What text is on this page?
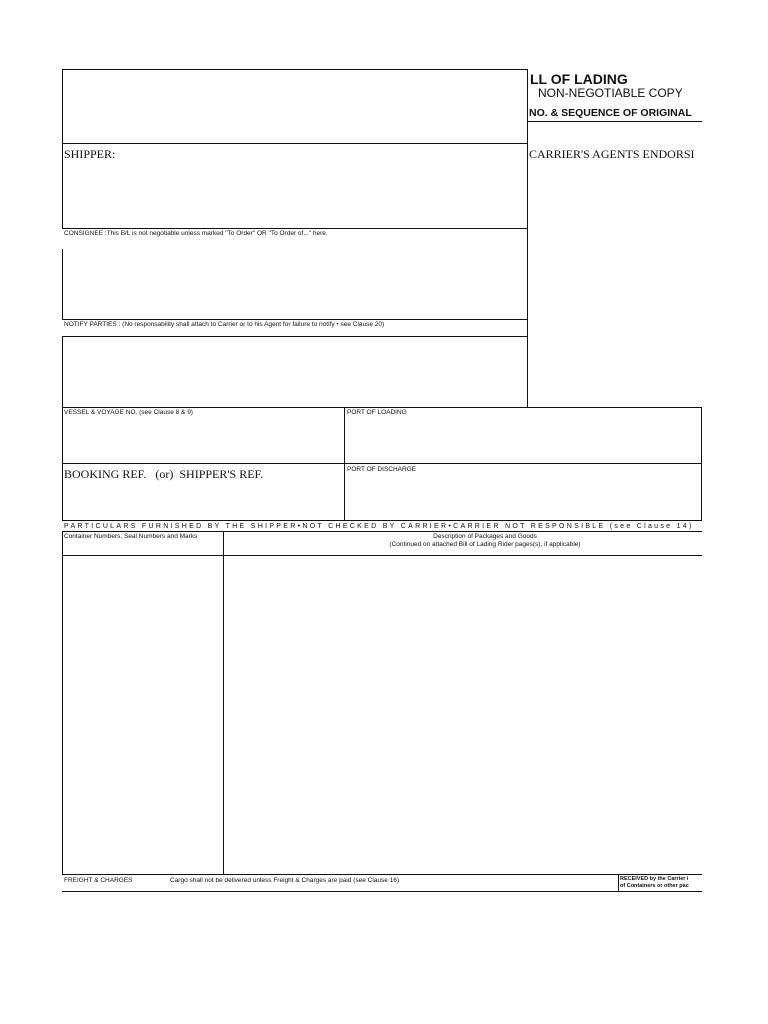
LL OF LADING
NON-NEGOTIABLE COPY
NO. & SEQUENCE OF ORIGINAL
SHIPPER:	CARRIER'S AGENTS ENDORSI
CONSIGNEE :This B/L is not negotiable unless marked "To Order" OR "To Order of..." here.
NOTIFY PARTIES : (No responsability shall attach to Carrier or to his Agent for failure to notify • see Clause 20)
VESSEL & VOYAGE NO. (see Clause 8 & 9)	PORT OF LOADING
BOOKING REF.   (or)  SHIPPER'S REF.	PORT OF DISCHARGE
PARTICULARS FURNISHED BY THE SHIPPER•NOT CHECKED BY CARRIER•CARRIER NOT RESPONSIBLE (see Clause 14)
Container Numbers, Seal Numbers and Marks	Description of Packages and Goods
(Continued on attached Bill of Lading Rider pages(s), if applicable)
FREIGHT & CHARGES	Cargo shall not be delivered unless Freight & Charges are paid (see Clause 16)	RECEIVED by the Carrier i
of Containers or other pac
